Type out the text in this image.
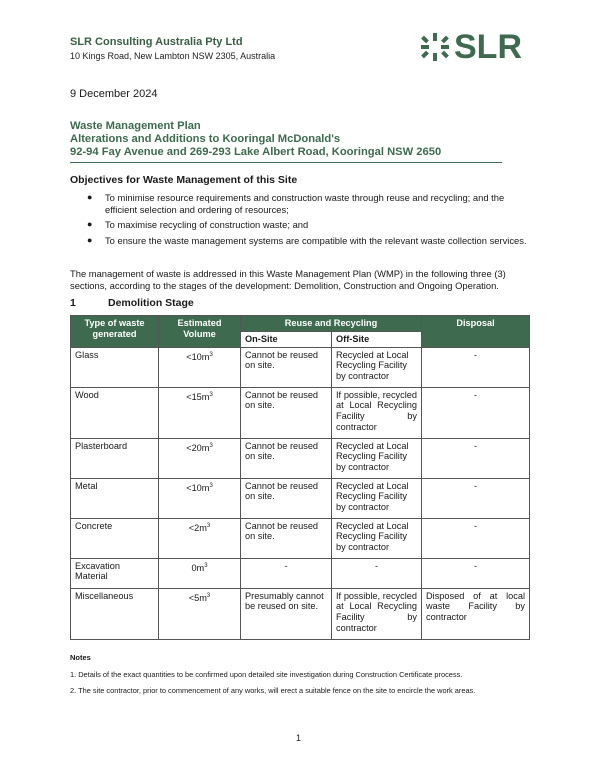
SLR Consulting Australia Pty Ltd
10 Kings Road, New Lambton NSW 2305, Australia	SLR
9 December 2024
Waste Management Plan
Alterations and Additions to Kooringal McDonald's
92-94 Fay Avenue and 269-293 Lake Albert Road, Kooringal NSW 2650
Objectives for Waste Management of this Site
● To minimise resource requirements and construction waste through reuse and recycling; and the efficient selection and ordering of resources;
● To maximise recycling of construction waste; and
● To ensure the waste management systems are compatible with the relevant waste collection services.
The management of waste is addressed in this Waste Management Plan (WMP) in the following three (3) sections, according to the stages of the development: Demolition, Construction and Ongoing Operation.
1	Demolition Stage
Type of waste generated	Estimated Volume	Reuse and Recycling		Disposal
		On-Site	Off-Site	
Glass	$<10m^3$	Cannot be reused on site.	Recycled at Local Recycling Facility by contractor	-
Wood	$<15m^3$	Cannot be reused on site.	If possible, recycled at Local Recycling Facility by contractor	-
Plasterboard	$<20m^3$	Cannot be reused on site.	Recycled at Local Recycling Facility by contractor	-
Metal	$<10m^3$	Cannot be reused on site.	Recycled at Local Recycling Facility by contractor	-
Concrete	$<2m^3$	Cannot be reused on site.	Recycled at Local Recycling Facility by contractor	-
Excavation Material	$0m^3$	-	-	-
Miscellaneous	$<5m^3$	Presumably cannot be reused on site.	If possible, recycled at Local Recycling Facility by contractor	Disposed of at local waste Facility by contractor
Notes
1. Details of the exact quantities to be confirmed upon detailed site investigation during Construction Certificate process.
2. The site contractor, prior to commencement of any works, will erect a suitable fence on the site to encircle the work areas.
1
